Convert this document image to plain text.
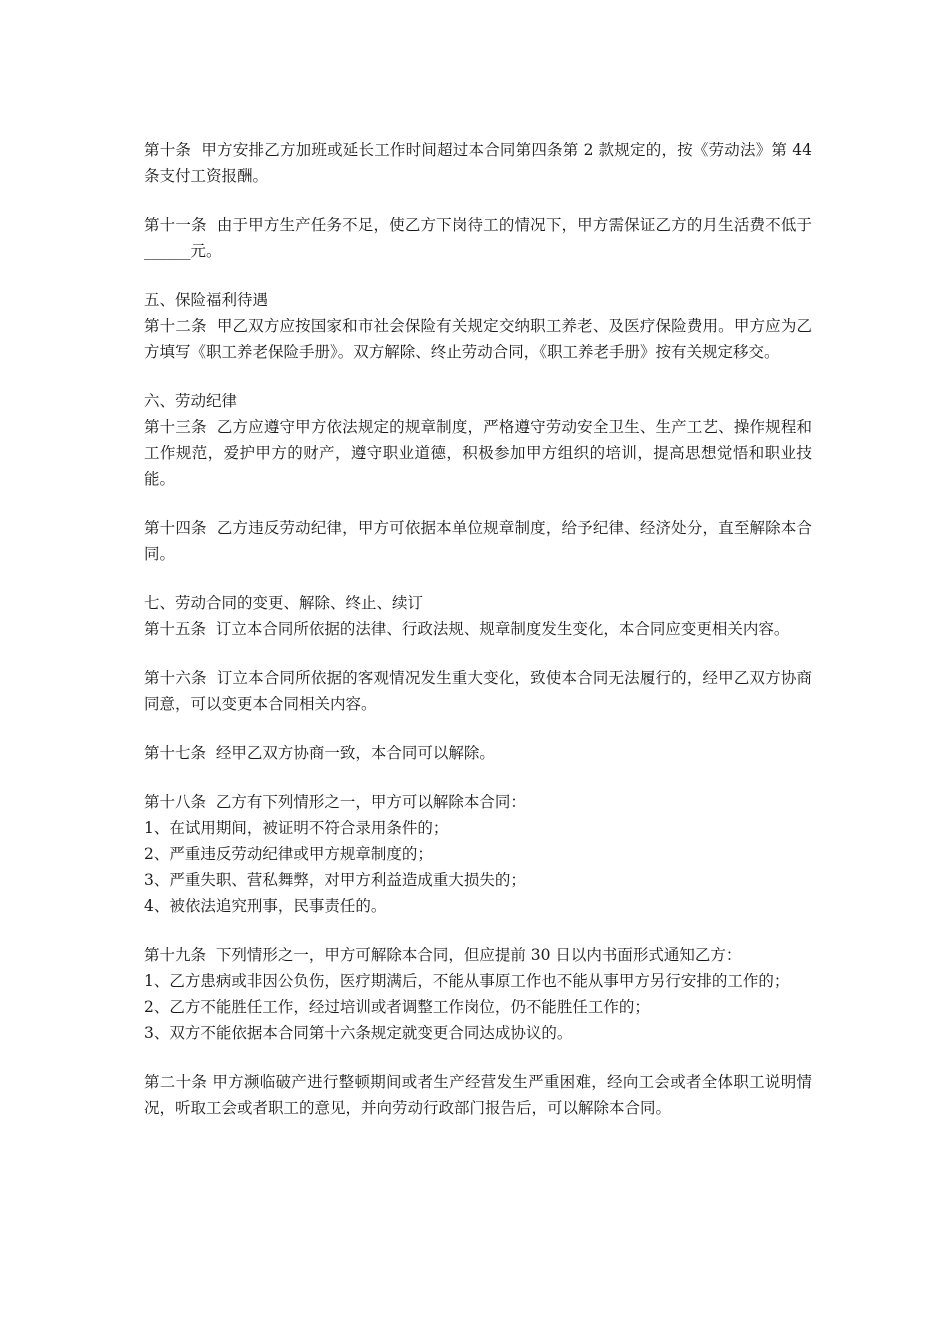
第十条  甲方安排乙方加班或延长工作时间超过本合同第四条第 2 款规定的，按《劳动法》第 44 条支付工资报酬。

第十一条  由于甲方生产任务不足，使乙方下岗待工的情况下，甲方需保证乙方的月生活费不低于______元。

五、保险福利待遇

第十二条  甲乙双方应按国家和市社会保险有关规定交纳职工养老、及医疗保险费用。甲方应为乙方填写《职工养老保险手册》。双方解除、终止劳动合同，《职工养老手册》按有关规定移交。

六、劳动纪律

第十三条  乙方应遵守甲方依法规定的规章制度，严格遵守劳动安全卫生、生产工艺、操作规程和工作规范，爱护甲方的财产，遵守职业道德，积极参加甲方组织的培训，提高思想觉悟和职业技能。

第十四条  乙方违反劳动纪律，甲方可依据本单位规章制度，给予纪律、经济处分，直至解除本合同。

七、劳动合同的变更、解除、终止、续订

第十五条  订立本合同所依据的法律、行政法规、规章制度发生变化，本合同应变更相关内容。

第十六条  订立本合同所依据的客观情况发生重大变化，致使本合同无法履行的，经甲乙双方协商同意，可以变更本合同相关内容。

第十七条  经甲乙双方协商一致，本合同可以解除。

第十八条  乙方有下列情形之一，甲方可以解除本合同：

1、在试用期间，被证明不符合录用条件的；

2、严重违反劳动纪律或甲方规章制度的；

3、严重失职、营私舞弊，对甲方利益造成重大损失的；

4、被依法追究刑事，民事责任的。

第十九条  下列情形之一，甲方可解除本合同，但应提前 30 日以内书面形式通知乙方：

1、乙方患病或非因公负伤，医疗期满后，不能从事原工作也不能从事甲方另行安排的工作的；

2、乙方不能胜任工作，经过培训或者调整工作岗位，仍不能胜任工作的；

3、双方不能依据本合同第十六条规定就变更合同达成协议的。

第二十条 甲方濒临破产进行整顿期间或者生产经营发生严重困难，经向工会或者全体职工说明情况，听取工会或者职工的意见，并向劳动行政部门报告后，可以解除本合同。
